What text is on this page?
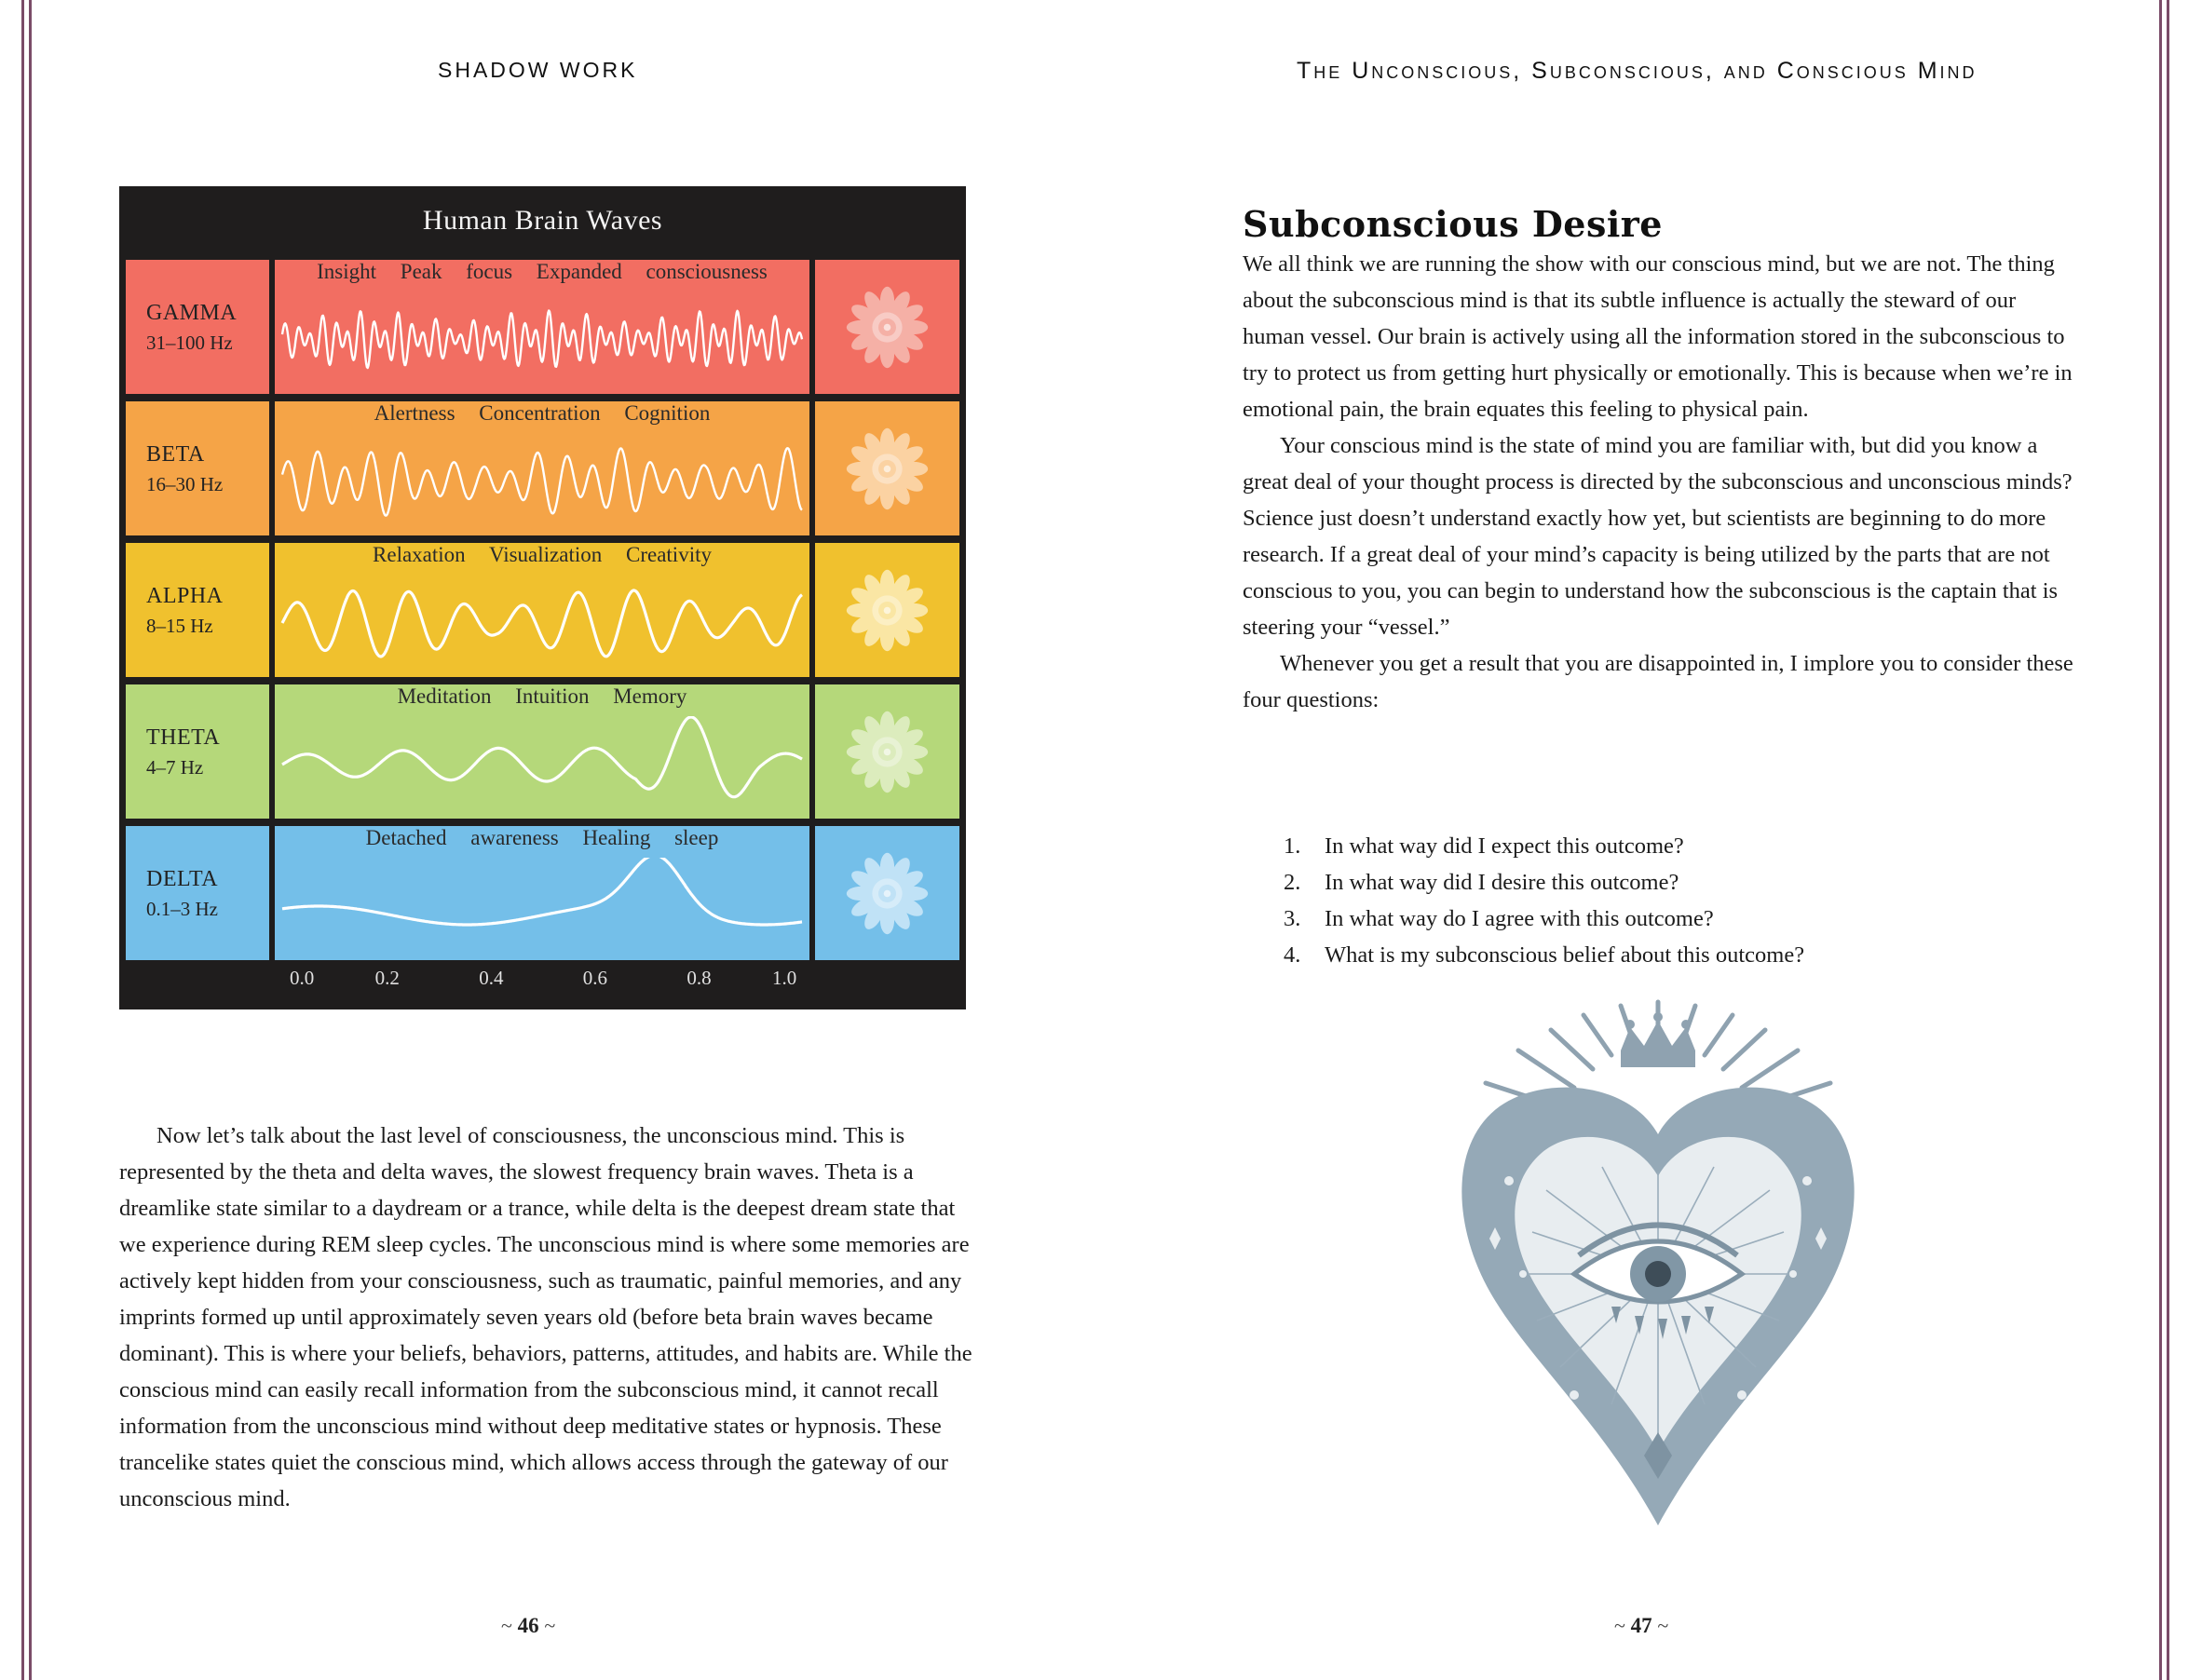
SHADOW WORK
Human Brain Waves
GAMMA
31–100 Hz
Insight Peak focus Expanded consciousness
BETA
16–30 Hz
Alertness Concentration Cognition
ALPHA
8–15 Hz
Relaxation Visualization Creativity
THETA
4–7 Hz
Meditation Intuition Memory
DELTA
0.1–3 Hz
Detached awareness Healing sleep
0.0	0.2	0.4	0.6	0.8	1.0

Now let’s talk about the last level of consciousness, the unconscious mind. This is represented by the theta and delta waves, the slowest frequency brain waves. Theta is a dreamlike state similar to a daydream or a trance, while delta is the deepest dream state that we experience during REM sleep cycles. The unconscious mind is where some memories are actively kept hidden from your consciousness, such as traumatic, painful memories, and any imprints formed up until approximately seven years old (before beta brain waves became dominant). This is where your beliefs, behaviors, patterns, attitudes, and habits are. While the conscious mind can easily recall information from the subconscious mind, it cannot recall information from the unconscious mind without deep meditative states or hypnosis. These trancelike states quiet the conscious mind, which allows access through the gateway of our unconscious mind.

~ 46 ~
The Unconscious, Subconscious, and Conscious Mind
Subconscious Desire

We all think we are running the show with our conscious mind, but we are not. The thing about the subconscious mind is that its subtle influence is actually the steward of our human vessel. Our brain is actively using all the information stored in the subconscious to try to protect us from getting hurt physically or emotionally. This is because when we’re in emotional pain, the brain equates this feeling to physical pain.

Your conscious mind is the state of mind you are familiar with, but did you know a great deal of your thought process is directed by the subconscious and unconscious minds? Science just doesn’t understand exactly how yet, but scientists are beginning to do more research. If a great deal of your mind’s capacity is being utilized by the parts that are not conscious to you, you can begin to understand how the subconscious is the captain that is steering your “vessel.”

Whenever you get a result that you are disappointed in, I implore you to consider these four questions:

1. In what way did I expect this outcome?
2. In what way did I desire this outcome?
3. In what way do I agree with this outcome?
4. What is my subconscious belief about this outcome?
~ 47 ~
